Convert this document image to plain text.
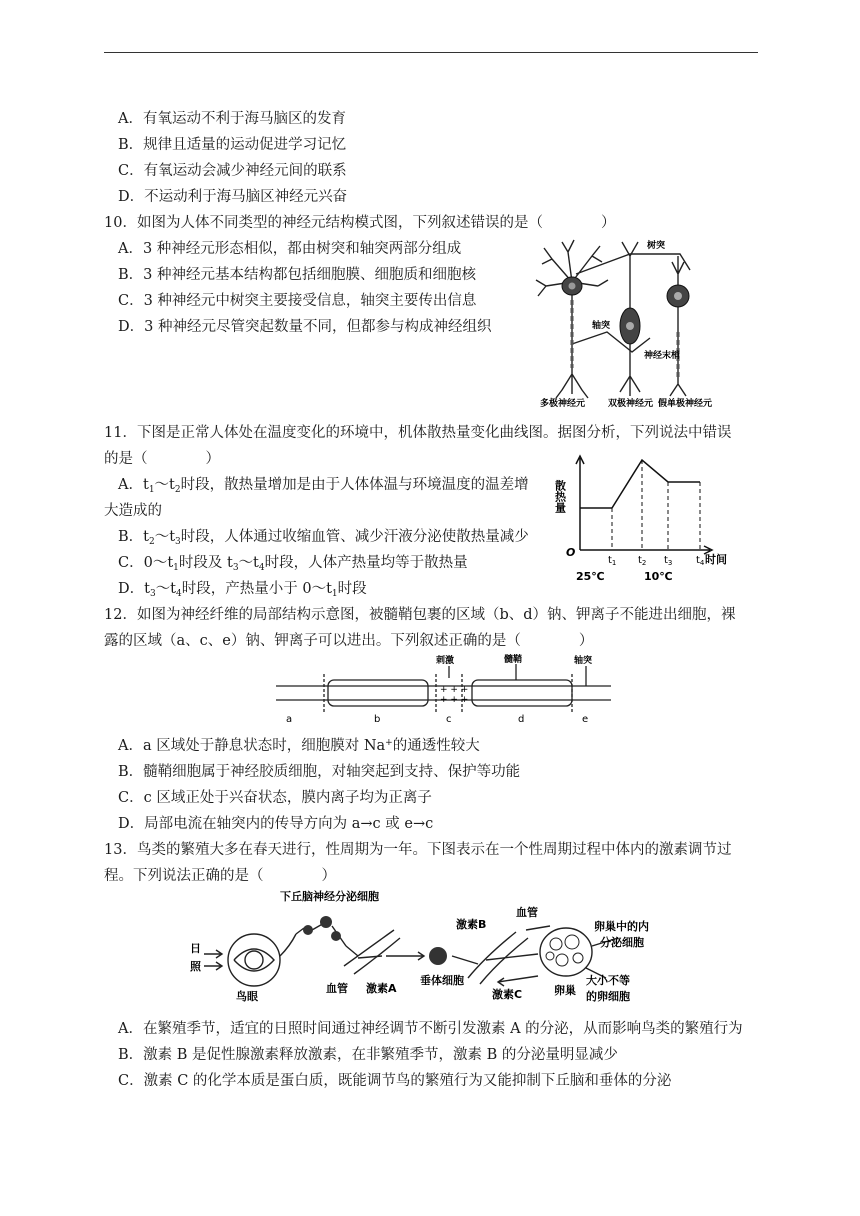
A．有氧运动不利于海马脑区的发育
B．规律且适量的运动促进学习记忆
C．有氧运动会减少神经元间的联系
D．不运动利于海马脑区神经元兴奋
10．如图为人体不同类型的神经元结构模式图，下列叙述错误的是（　　　　）
A．3 种神经元形态相似，都由树突和轴突两部分组成
B．3 种神经元基本结构都包括细胞膜、细胞质和细胞核
C．3 种神经元中树突主要接受信息，轴突主要传出信息
D．3 种神经元尽管突起数量不同，但都参与构成神经组织
树突
轴突
神经末梢
多极神经元	双极神经元 假单极神经元
11．下图是正常人体处在温度变化的环境中，机体散热量变化曲线图。据图分析，下列说法中错误
的是（　　　　）
A．$t_1\sim t_2$时段，散热量增加是由于人体体温与环境温度的温差增
大造成的
B．$t_2\sim t_3$时段，人体通过收缩血管、减少汗液分泌使散热量减少
C．$0\sim t_1$时段及 $t_3\sim t_4$时段，人体产热量均等于散热量
D．$t_3\sim t_4$时段，产热量小于 $0\sim t_1$时段
O
散热量
$t_1$ $t_2$ $t_3$ $t_4$ 时间
25℃	10℃
12．如图为神经纤维的局部结构示意图，被髓鞘包裹的区域（b、d）钠、钾离子不能进出细胞，裸
露的区域（a、c、e）钠、钾离子可以进出。下列叙述正确的是（　　　　）
+ + +
+ + +
刺激	髓鞘	轴突
a	b	c	d	e
A．a 区域处于静息状态时，细胞膜对 Na+的通透性较大
B．髓鞘细胞属于神经胶质细胞，对轴突起到支持、保护等功能
C．c 区域正处于兴奋状态，膜内离子均为正离子
D．局部电流在轴突内的传导方向为 a→c 或 e→c
13．鸟类的繁殖大多在春天进行，性周期为一年。下图表示在一个性周期过程中体内的激素调节过
程。下列说法正确的是（　　　　）
下丘脑神经分泌细胞
日
照
鸟眼
血管 激素A
垂体细胞
激素B
血管
激素C	卵巢
卵巢中的内
分泌细胞
大小不等
的卵细胞
A．在繁殖季节，适宜的日照时间通过神经调节不断引发激素 A 的分泌，从而影响鸟类的繁殖行为
B．激素 B 是促性腺激素释放激素，在非繁殖季节，激素 B 的分泌量明显减少
C．激素 C 的化学本质是蛋白质，既能调节鸟的繁殖行为又能抑制下丘脑和垂体的分泌
